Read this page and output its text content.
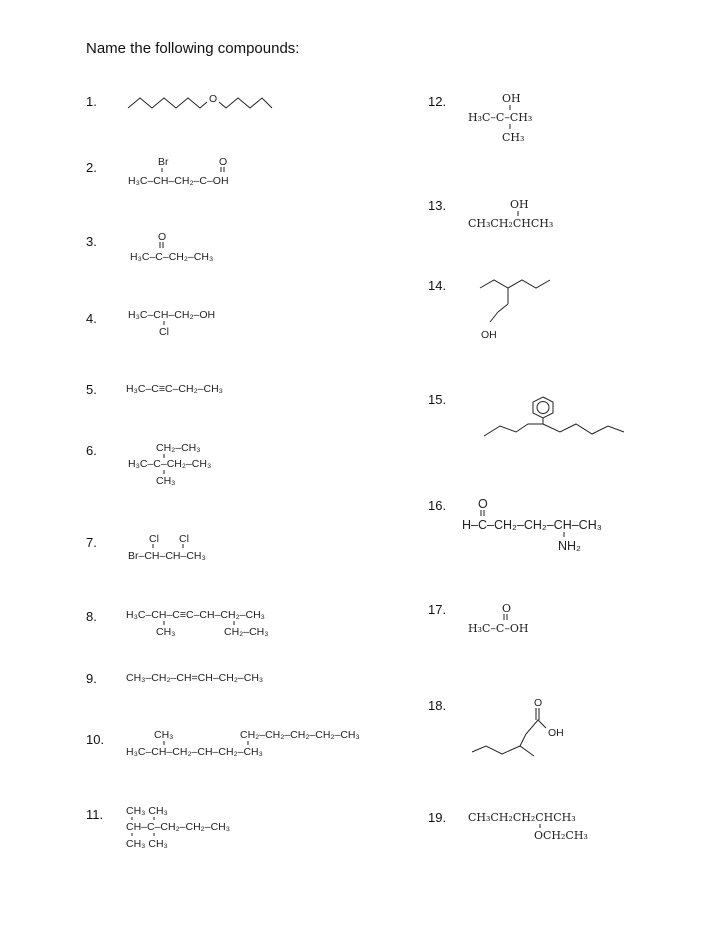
Name the following compounds:
1.
2.
3.
4.
5.
6.
7.
8.
9.
10.
11.
12.
13.
14.
15.
16.
17.
18.
19.
O
Br	O
H₃C–CH–CH₂–C–OH
O
H₃C–C–CH₂–CH₃
H₃C–CH–CH₂–OH
Cl
H₃C–C≡C–CH₂–CH₃
CH₂–CH₃
H₃C–C–CH₂–CH₃
CH₃
Cl Cl
Br–CH–CH–CH₃
H₃C–CH–C≡C–CH–CH₂–CH₃
CH₃	CH₂–CH₃
CH₃–CH₂–CH=CH–CH₂–CH₃
CH₃	CH₂–CH₂–CH₂–CH₂–CH₃
H₃C–CH–CH₂–CH–CH₂–CH₃
CH₃ CH₃
CH–C–CH₂–CH₂–CH₃
CH₃ CH₃
OH
H₃C–C–CH₃
CH₃
OH
CH₃CH₂CHCH₃
OH
O
H–C–CH₂–CH₂–CH–CH₃
NH₂
O
H₃C–C–OH
O
OH
CH₃CH₂CH₂CHCH₃
OCH₂CH₃
